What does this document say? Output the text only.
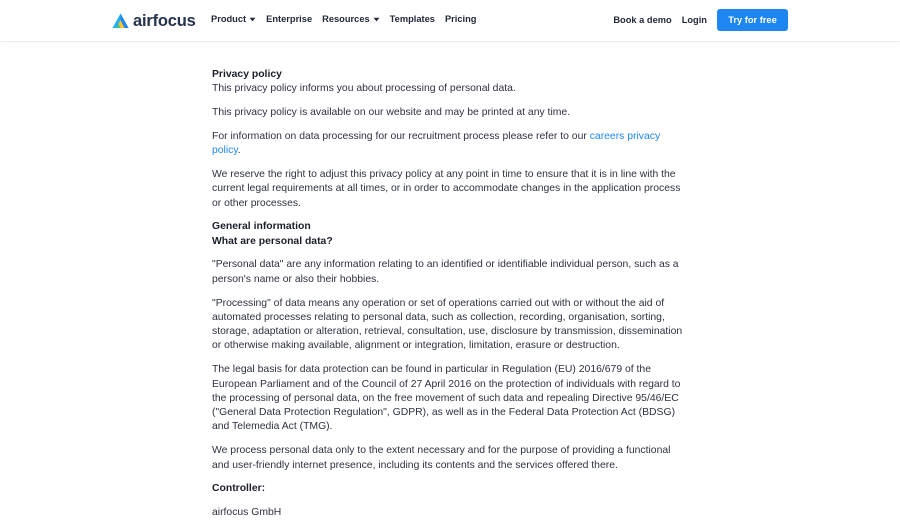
airfocus Product Enterprise Resources Templates Pricing	Book a demo Login	Try for free
Privacy policy

This privacy policy informs you about processing of personal data.

This privacy policy is available on our website and may be printed at any time.

For information on data processing for our recruitment process please refer to our careers privacy policy.

We reserve the right to adjust this privacy policy at any point in time to ensure that it is in line with the current legal requirements at all times, or in order to accommodate changes in the application process or other processes.

General information
What are personal data?

"Personal data" are any information relating to an identified or identifiable individual person, such as a person's name or also their hobbies.

"Processing" of data means any operation or set of operations carried out with or without the aid of automated processes relating to personal data, such as collection, recording, organisation, sorting, storage, adaptation or alteration, retrieval, consultation, use, disclosure by transmission, dissemination or otherwise making available, alignment or integration, limitation, erasure or destruction.

The legal basis for data protection can be found in particular in Regulation (EU) 2016/679 of the European Parliament and of the Council of 27 April 2016 on the protection of individuals with regard to the processing of personal data, on the free movement of such data and repealing Directive 95/46/EC ("General Data Protection Regulation", GDPR), as well as in the Federal Data Protection Act (BDSG) and Telemedia Act (TMG).

We process personal data only to the extent necessary and for the purpose of providing a functional and user-friendly internet presence, including its contents and the services offered there.

Controller:

airfocus GmbH
